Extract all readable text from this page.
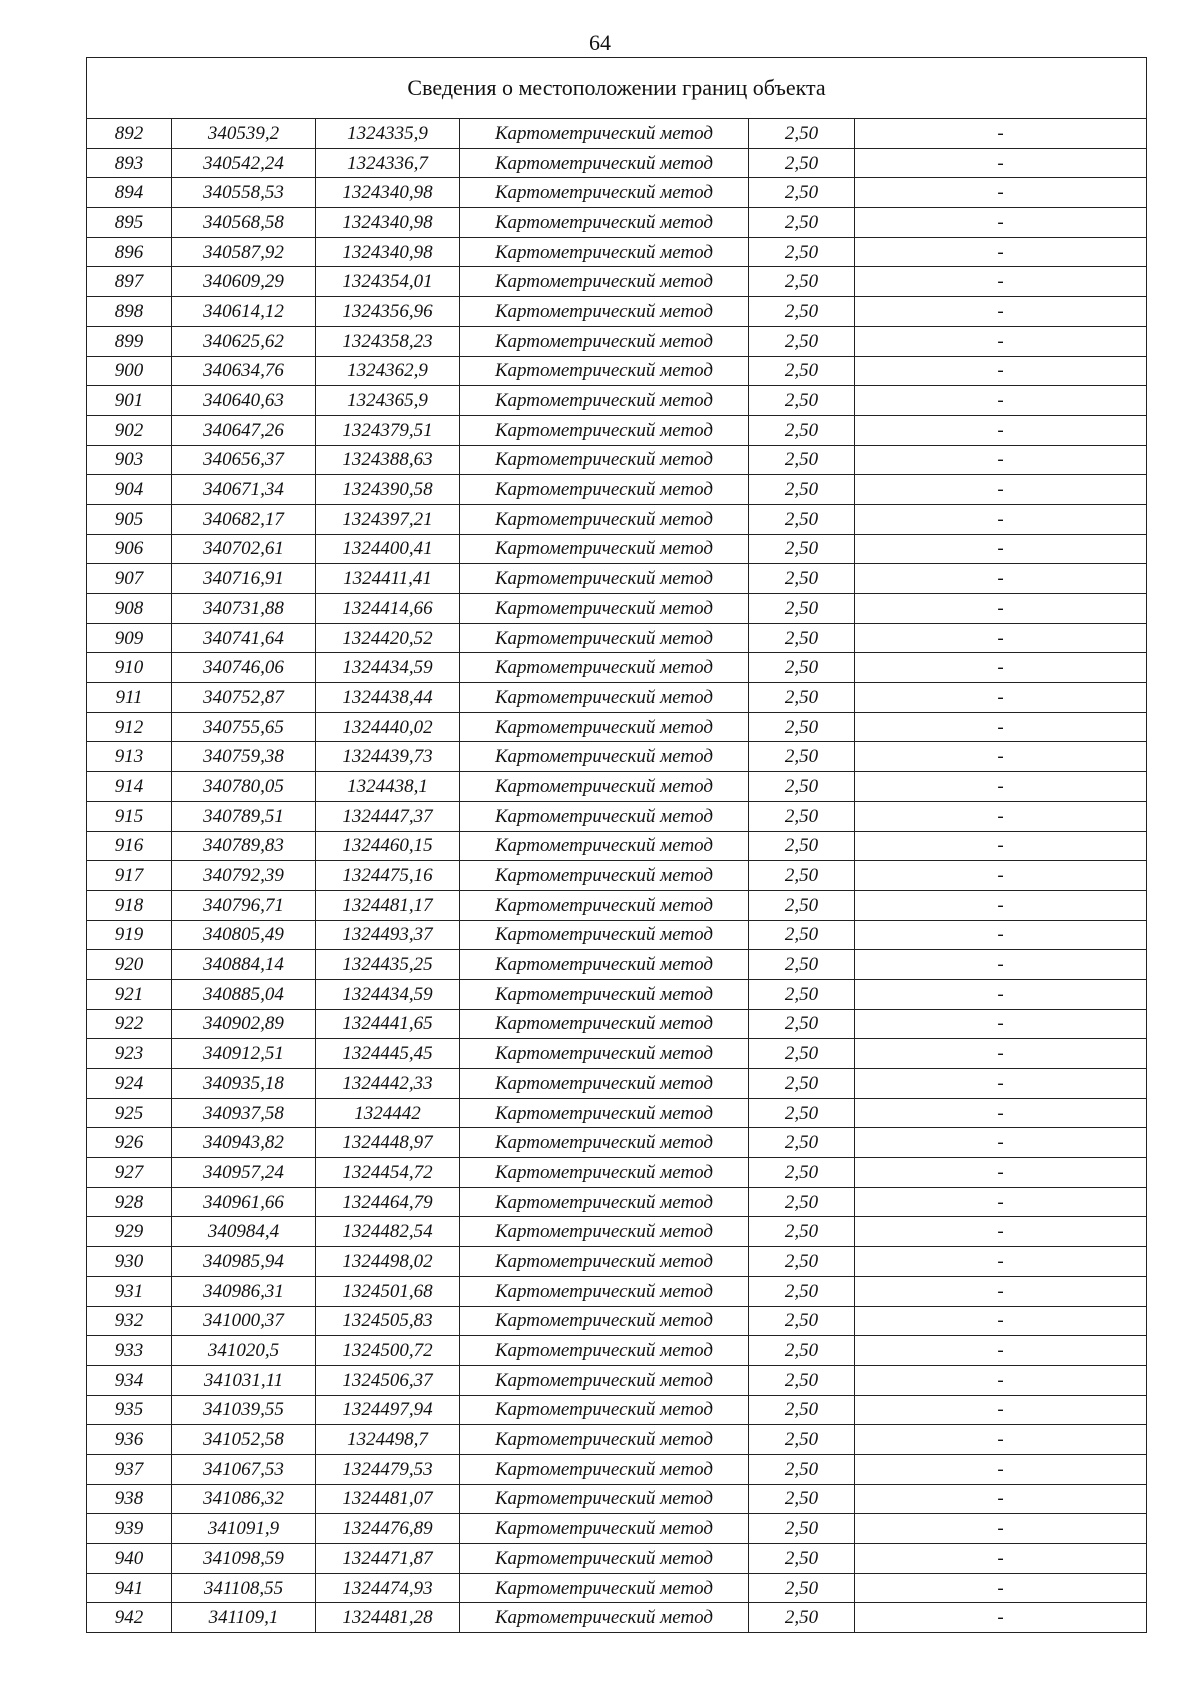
64
Сведения о местоположении границ объекта					
892	340539,2	1324335,9	Картометрический метод	2,50	-
893	340542,24	1324336,7	Картометрический метод	2,50	-
894	340558,53	1324340,98	Картометрический метод	2,50	-
895	340568,58	1324340,98	Картометрический метод	2,50	-
896	340587,92	1324340,98	Картометрический метод	2,50	-
897	340609,29	1324354,01	Картометрический метод	2,50	-
898	340614,12	1324356,96	Картометрический метод	2,50	-
899	340625,62	1324358,23	Картометрический метод	2,50	-
900	340634,76	1324362,9	Картометрический метод	2,50	-
901	340640,63	1324365,9	Картометрический метод	2,50	-
902	340647,26	1324379,51	Картометрический метод	2,50	-
903	340656,37	1324388,63	Картометрический метод	2,50	-
904	340671,34	1324390,58	Картометрический метод	2,50	-
905	340682,17	1324397,21	Картометрический метод	2,50	-
906	340702,61	1324400,41	Картометрический метод	2,50	-
907	340716,91	1324411,41	Картометрический метод	2,50	-
908	340731,88	1324414,66	Картометрический метод	2,50	-
909	340741,64	1324420,52	Картометрический метод	2,50	-
910	340746,06	1324434,59	Картометрический метод	2,50	-
911	340752,87	1324438,44	Картометрический метод	2,50	-
912	340755,65	1324440,02	Картометрический метод	2,50	-
913	340759,38	1324439,73	Картометрический метод	2,50	-
914	340780,05	1324438,1	Картометрический метод	2,50	-
915	340789,51	1324447,37	Картометрический метод	2,50	-
916	340789,83	1324460,15	Картометрический метод	2,50	-
917	340792,39	1324475,16	Картометрический метод	2,50	-
918	340796,71	1324481,17	Картометрический метод	2,50	-
919	340805,49	1324493,37	Картометрический метод	2,50	-
920	340884,14	1324435,25	Картометрический метод	2,50	-
921	340885,04	1324434,59	Картометрический метод	2,50	-
922	340902,89	1324441,65	Картометрический метод	2,50	-
923	340912,51	1324445,45	Картометрический метод	2,50	-
924	340935,18	1324442,33	Картометрический метод	2,50	-
925	340937,58	1324442	Картометрический метод	2,50	-
926	340943,82	1324448,97	Картометрический метод	2,50	-
927	340957,24	1324454,72	Картометрический метод	2,50	-
928	340961,66	1324464,79	Картометрический метод	2,50	-
929	340984,4	1324482,54	Картометрический метод	2,50	-
930	340985,94	1324498,02	Картометрический метод	2,50	-
931	340986,31	1324501,68	Картометрический метод	2,50	-
932	341000,37	1324505,83	Картометрический метод	2,50	-
933	341020,5	1324500,72	Картометрический метод	2,50	-
934	341031,11	1324506,37	Картометрический метод	2,50	-
935	341039,55	1324497,94	Картометрический метод	2,50	-
936	341052,58	1324498,7	Картометрический метод	2,50	-
937	341067,53	1324479,53	Картометрический метод	2,50	-
938	341086,32	1324481,07	Картометрический метод	2,50	-
939	341091,9	1324476,89	Картометрический метод	2,50	-
940	341098,59	1324471,87	Картометрический метод	2,50	-
941	341108,55	1324474,93	Картометрический метод	2,50	-
942	341109,1	1324481,28	Картометрический метод	2,50	-
